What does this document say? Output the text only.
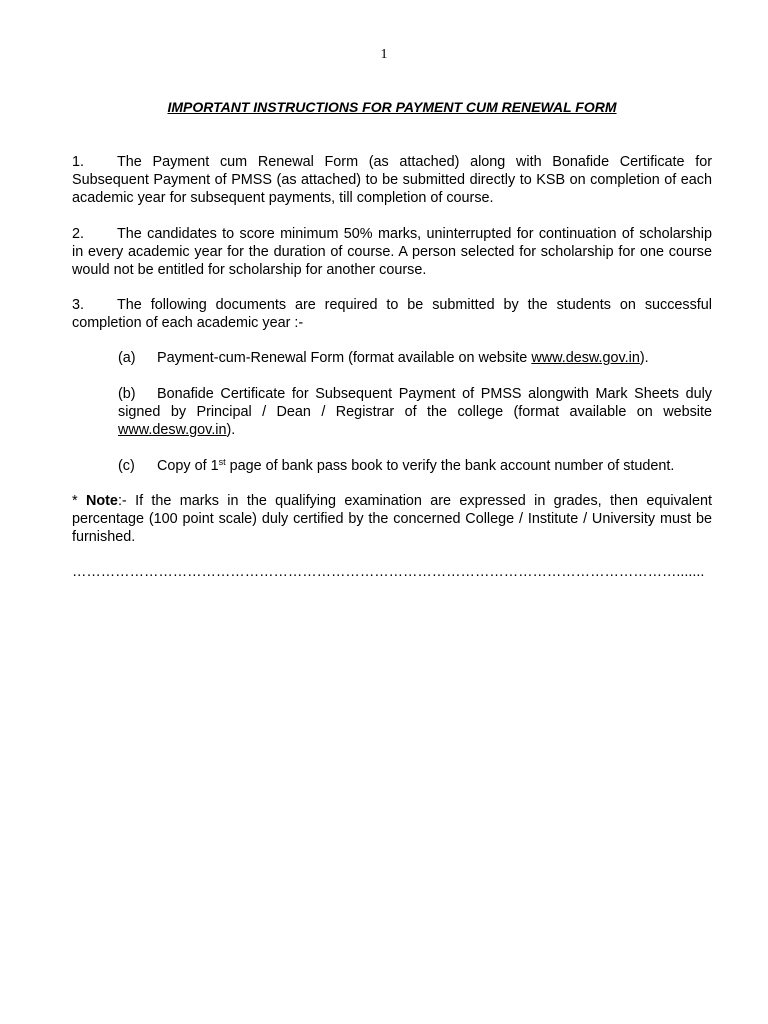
1
IMPORTANT INSTRUCTIONS FOR PAYMENT CUM RENEWAL FORM
1. The Payment cum Renewal Form (as attached) along with Bonafide Certificate for Subsequent Payment of PMSS (as attached) to be submitted directly to KSB on completion of each academic year for subsequent payments, till completion of course.
2. The candidates to score minimum 50% marks, uninterrupted for continuation of scholarship in every academic year for the duration of course. A person selected for scholarship for one course would not be entitled for scholarship for another course.
3. The following documents are required to be submitted by the students on successful completion of each academic year :-
(a) Payment-cum-Renewal Form (format available on website www.desw.gov.in).
(b) Bonafide Certificate for Subsequent Payment of PMSS alongwith Mark Sheets duly signed by Principal / Dean / Registrar of the college (format available on website www.desw.gov.in).
(c) Copy of 1st page of bank pass book to verify the bank account number of student.
* Note:- If the marks in the qualifying examination are expressed in grades, then equivalent percentage (100 point scale) duly certified by the concerned College / Institute / University must be furnished.
……………………………………………………………………………………………………………….......
